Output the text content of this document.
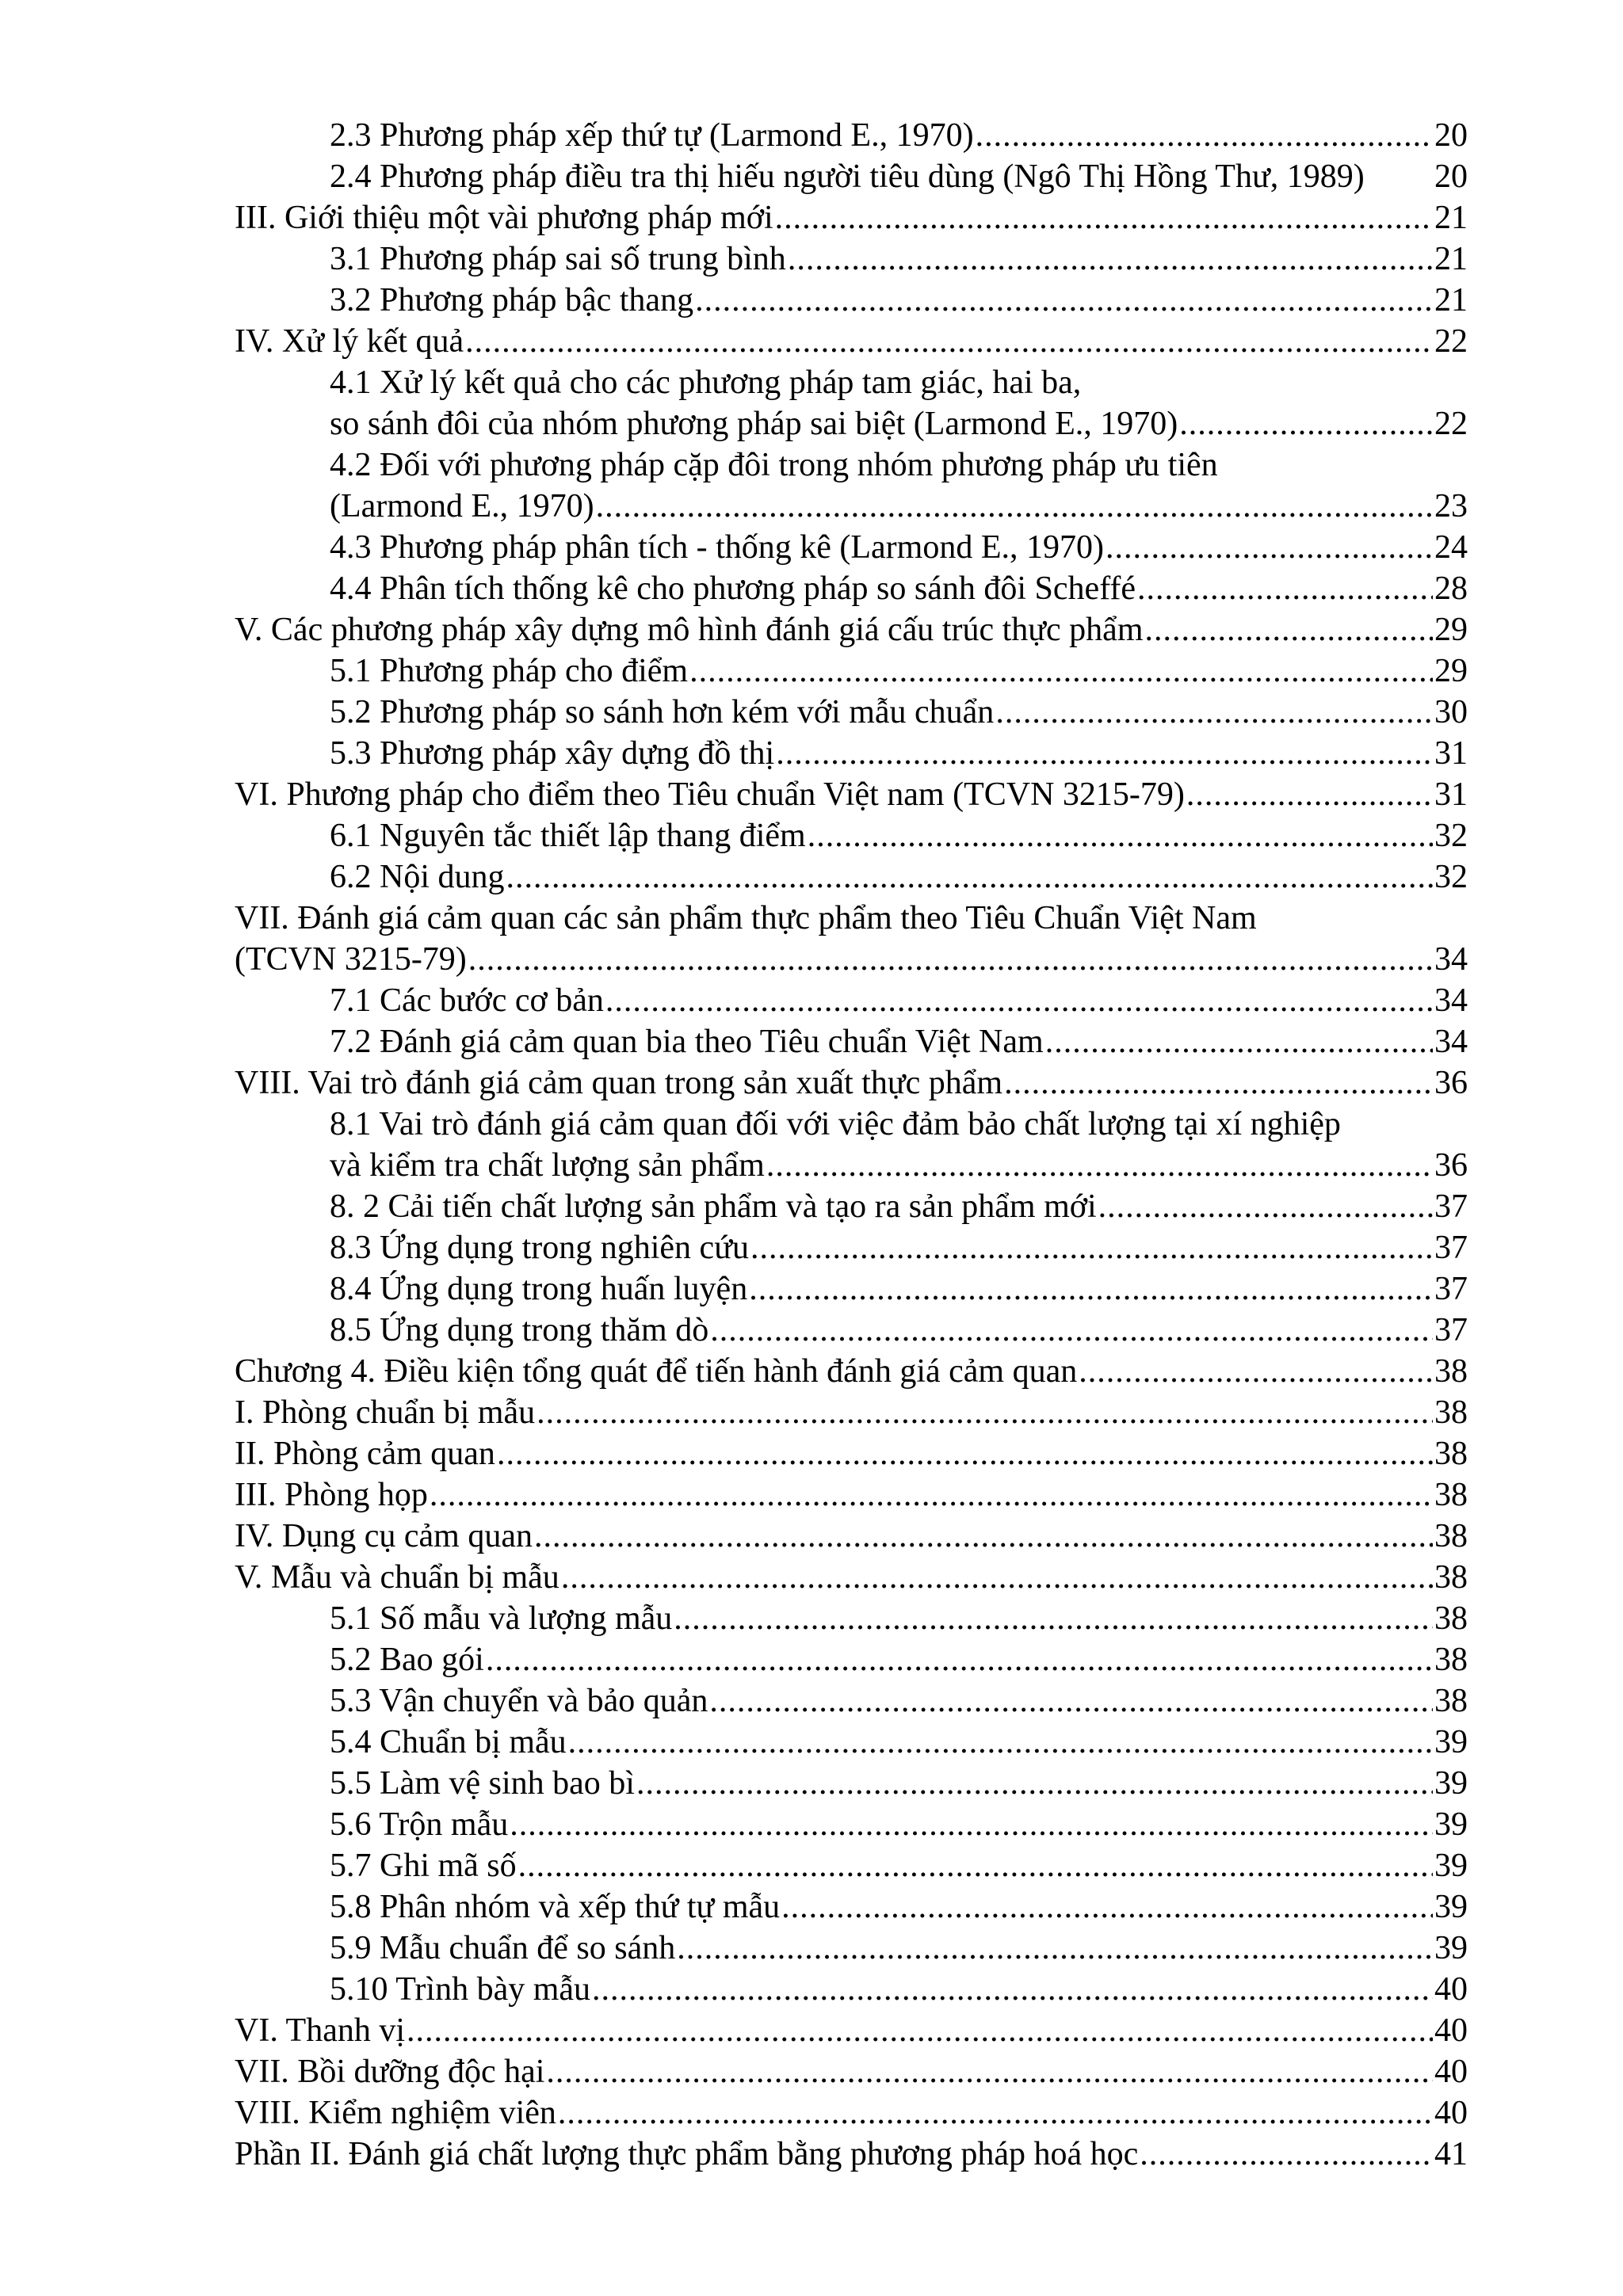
2.3 Phương pháp xếp thứ tự (Larmond E., 1970) .....	20
2.4 Phương pháp điều tra thị hiếu người tiêu dùng (Ngô Thị Hồng Thư, 1989) 20
III. Giới thiệu một vài phương pháp mới .....	21
3.1 Phương pháp sai số trung bình .....	21
3.2 Phương pháp bậc thang .....	21
IV. Xử lý kết quả .....	22
4.1 Xử lý kết quả cho các phương pháp tam giác, hai ba,
so sánh đôi của nhóm phương pháp sai biệt (Larmond E., 1970) .....	22
4.2 Đối với phương pháp cặp đôi trong nhóm phương pháp ưu tiên
(Larmond E., 1970) .....	23
4.3 Phương pháp phân tích - thống kê (Larmond E., 1970) .....	24
4.4 Phân tích thống kê cho phương pháp so sánh đôi Scheffé .....	28
V. Các phương pháp xây dựng mô hình đánh giá cấu trúc thực phẩm .....	29
5.1 Phương pháp cho điểm .....	29
5.2 Phương pháp so sánh hơn kém với mẫu chuẩn .....	30
5.3 Phương pháp xây dựng đồ thị .....	31
VI. Phương pháp cho điểm theo Tiêu chuẩn Việt nam (TCVN 3215-79) .....	31
6.1 Nguyên tắc thiết lập thang điểm .....	32
6.2 Nội dung .....	32
VII. Đánh giá cảm quan các sản phẩm thực phẩm theo Tiêu Chuẩn Việt Nam
(TCVN 3215-79) .....	34
7.1 Các bước cơ bản .....	34
7.2 Đánh giá cảm quan bia theo Tiêu chuẩn Việt Nam .....	34
VIII. Vai trò đánh giá cảm quan trong sản xuất thực phẩm .....	36
8.1 Vai trò đánh giá cảm quan đối với việc đảm bảo chất lượng tại xí nghiệp
và kiểm tra chất lượng sản phẩm .....	36
8. 2 Cải tiến chất lượng sản phẩm và tạo ra sản phẩm mới .....	37
8.3 Ứng dụng trong nghiên cứu .....	37
8.4 Ứng dụng trong huấn luyện .....	37
8.5 Ứng dụng trong thăm dò .....	37
Chương 4. Điều kiện tổng quát để tiến hành đánh giá cảm quan .....	38
I. Phòng chuẩn bị mẫu .....	38
II. Phòng cảm quan .....	38
III. Phòng họp .....	38
IV. Dụng cụ cảm quan .....	38
V. Mẫu và chuẩn bị mẫu .....	38
5.1 Số mẫu và lượng mẫu .....	38
5.2 Bao gói .....	38
5.3 Vận chuyển và bảo quản .....	38
5.4 Chuẩn bị mẫu .....	39
5.5 Làm vệ sinh bao bì .....	39
5.6 Trộn mẫu .....	39
5.7 Ghi mã số .....	39
5.8 Phân nhóm và xếp thứ tự mẫu .....	39
5.9 Mẫu chuẩn để so sánh .....	39
5.10 Trình bày mẫu .....	40
VI. Thanh vị .....	40
VII. Bồi dưỡng độc hại .....	40
VIII. Kiểm nghiệm viên .....	40
Phần II. Đánh giá chất lượng thực phẩm bằng phương pháp hoá học .....	41
